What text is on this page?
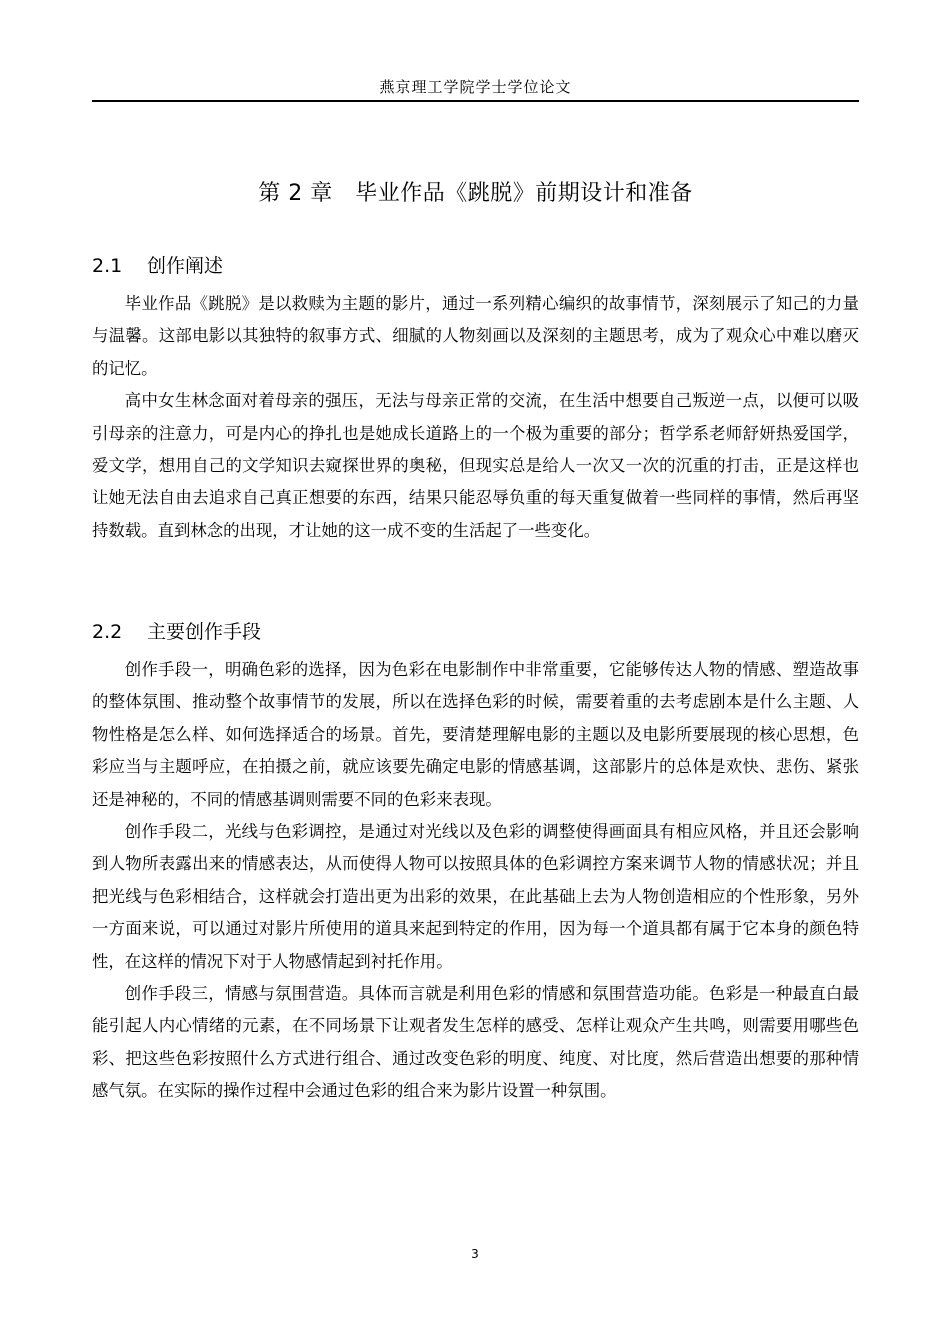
燕京理工学院学士学位论文
第 2 章　毕业作品《跳脱》前期设计和准备
2.1 创作阐述

毕业作品《跳脱》是以救赎为主题的影片，通过一系列精心编织的故事情节，深刻展示了知己的力量与温馨。这部电影以其独特的叙事方式、细腻的人物刻画以及深刻的主题思考，成为了观众心中难以磨灭的记忆。

高中女生林念面对着母亲的强压，无法与母亲正常的交流，在生活中想要自己叛逆一点，以便可以吸引母亲的注意力，可是内心的挣扎也是她成长道路上的一个极为重要的部分；哲学系老师舒妍热爱国学，爱文学，想用自己的文学知识去窥探世界的奥秘，但现实总是给人一次又一次的沉重的打击，正是这样也让她无法自由去追求自己真正想要的东西，结果只能忍辱负重的每天重复做着一些同样的事情，然后再坚持数载。直到林念的出现，才让她的这一成不变的生活起了一些变化。

2.2 主要创作手段

创作手段一，明确色彩的选择，因为色彩在电影制作中非常重要，它能够传达人物的情感、塑造故事的整体氛围、推动整个故事情节的发展，所以在选择色彩的时候，需要着重的去考虑剧本是什么主题、人物性格是怎么样、如何选择适合的场景。首先，要清楚理解电影的主题以及电影所要展现的核心思想，色彩应当与主题呼应，在拍摄之前，就应该要先确定电影的情感基调，这部影片的总体是欢快、悲伤、紧张还是神秘的，不同的情感基调则需要不同的色彩来表现。

创作手段二，光线与色彩调控，是通过对光线以及色彩的调整使得画面具有相应风格，并且还会影响到人物所表露出来的情感表达，从而使得人物可以按照具体的色彩调控方案来调节人物的情感状况；并且把光线与色彩相结合，这样就会打造出更为出彩的效果，在此基础上去为人物创造相应的个性形象，另外一方面来说，可以通过对影片所使用的道具来起到特定的作用，因为每一个道具都有属于它本身的颜色特性，在这样的情况下对于人物感情起到衬托作用。

创作手段三，情感与氛围营造。具体而言就是利用色彩的情感和氛围营造功能。色彩是一种最直白最能引起人内心情绪的元素，在不同场景下让观者发生怎样的感受、怎样让观众产生共鸣，则需要用哪些色彩、把这些色彩按照什么方式进行组合、通过改变色彩的明度、纯度、对比度，然后营造出想要的那种情感气氛。在实际的操作过程中会通过色彩的组合来为影片设置一种氛围。

3
